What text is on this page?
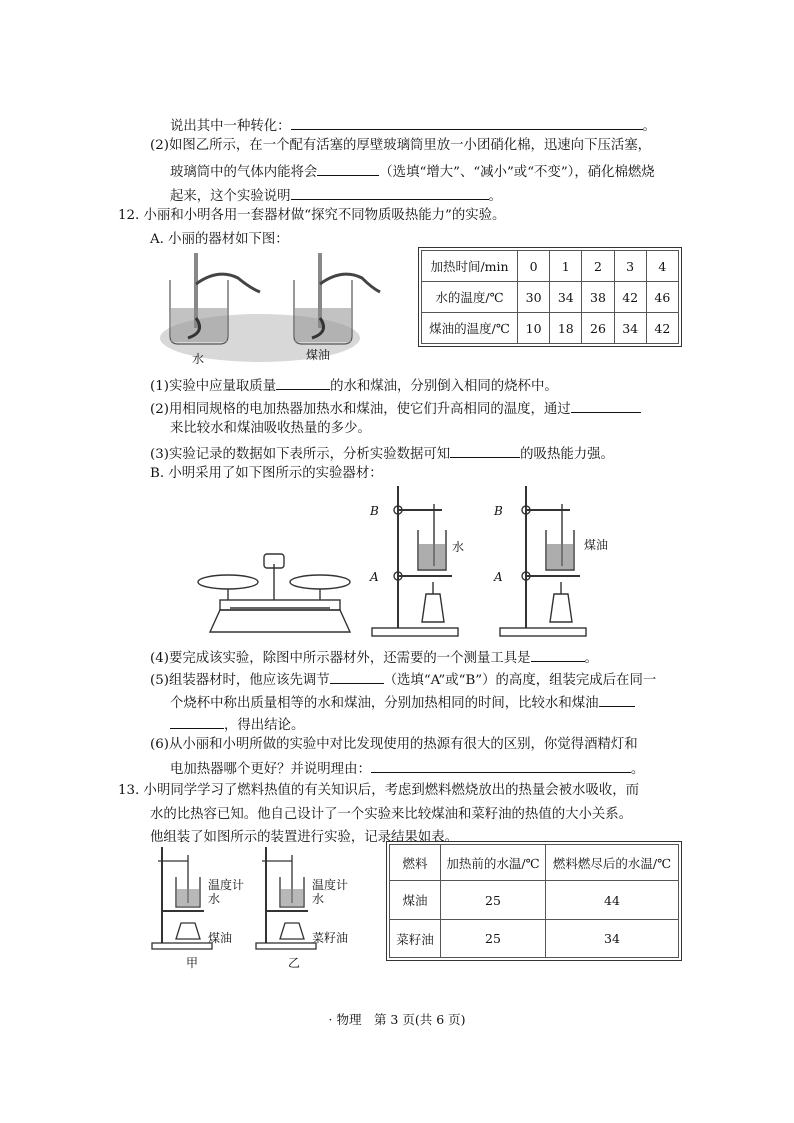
说出其中一种转化：	。
(2)如图乙所示，在一个配有活塞的厚壁玻璃筒里放一小团硝化棉，迅速向下压活塞，
玻璃筒中的气体内能将会	（选填“增大”、“减小”或“不变”），硝化棉燃烧
起来，这个实验说明	。
12. 小丽和小明各用一套器材做“探究不同物质吸热能力”的实验。
A. 小丽的器材如下图：
水	煤油
加热时间/min	0	1	2	3	4
水的温度/℃	30	34	38	42	46
煤油的温度/℃	10	18	26	34	42
(1)实验中应量取质量	的水和煤油，分别倒入相同的烧杯中。
(2)用相同规格的电加热器加热水和煤油，使它们升高相同的温度，通过
来比较水和煤油吸收热量的多少。
(3)实验记录的数据如下表所示，分析实验数据可知	的吸热能力强。
B. 小明采用了如下图所示的实验器材：
B
A
水
B
A
煤油
(4)要完成该实验，除图中所示器材外，还需要的一个测量工具是	。
(5)组装器材时，他应该先调节	（选填“A”或“B”）的高度，组装完成后在同一
个烧杯中称出质量相等的水和煤油，分别加热相同的时间，比较水和煤油
，得出结论。
(6)从小丽和小明所做的实验中对比发现使用的热源有很大的区别，你觉得酒精灯和
电加热器哪个更好？并说明理由：	。
13. 小明同学学习了燃料热值的有关知识后，考虑到燃料燃烧放出的热量会被水吸收，而
水的比热容已知。他自己设计了一个实验来比较煤油和菜籽油的热值的大小关系。
他组装了如图所示的装置进行实验，记录结果如表。
温度计
水
煤油
温度计
水
菜籽油
甲	乙
燃料	加热前的水温/℃	燃料燃尽后的水温/℃
煤油	25	44
菜籽油	25	34
· 物理　第 3 页(共 6 页)
